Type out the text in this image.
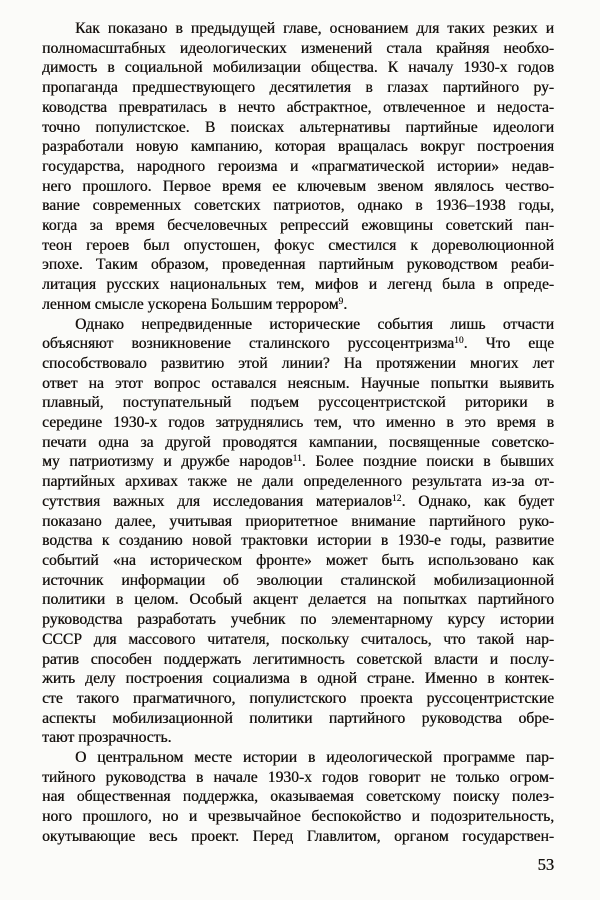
Как показано в предыдущей главе, основанием для таких резких и
полномасштабных идеологических изменений стала крайняя необхо-
димость в социальной мобилизации общества. К началу 1930-х годов
пропаганда предшествующего десятилетия в глазах партийного ру-
ководства превратилась в нечто абстрактное, отвлеченное и недоста-
точно популистское. В поисках альтернативы партийные идеологи
разработали новую кампанию, которая вращалась вокруг построения
государства, народного героизма и «прагматической истории» недав-
него прошлого. Первое время ее ключевым звеном являлось чество-
вание современных советских патриотов, однако в 1936–1938 годы,
когда за время бесчеловечных репрессий ежовщины советский пан-
теон героев был опустошен, фокус сместился к дореволюционной
эпохе. Таким образом, проведенная партийным руководством реаби-
литация русских национальных тем, мифов и легенд была в опреде-
ленном смысле ускорена Большим террором$^9$.
Однако непредвиденные исторические события лишь отчасти
объясняют возникновение сталинского руссоцентризма$^{10}$. Что еще
способствовало развитию этой линии? На протяжении многих лет
ответ на этот вопрос оставался неясным. Научные попытки выявить
плавный, поступательный подъем руссоцентристской риторики в
середине 1930-х годов затруднялись тем, что именно в это время в
печати одна за другой проводятся кампании, посвященные советско-
му патриотизму и дружбе народов$^{11}$. Более поздние поиски в бывших
партийных архивах также не дали определенного результата из-за от-
сутствия важных для исследования материалов$^{12}$. Однако, как будет
показано далее, учитывая приоритетное внимание партийного руко-
водства к созданию новой трактовки истории в 1930-е годы, развитие
событий «на историческом фронте» может быть использовано как
источник информации об эволюции сталинской мобилизационной
политики в целом. Особый акцент делается на попытках партийного
руководства разработать учебник по элементарному курсу истории
СССР для массового читателя, поскольку считалось, что такой нар-
ратив способен поддержать легитимность советской власти и послу-
жить делу построения социализма в одной стране. Именно в контек-
сте такого прагматичного, популистского проекта руссоцентристские
аспекты мобилизационной политики партийного руководства обре-
тают прозрачность.
О центральном месте истории в идеологической программе пар-
тийного руководства в начале 1930-х годов говорит не только огром-
ная общественная поддержка, оказываемая советскому поиску полез-
ного прошлого, но и чрезвычайное беспокойство и подозрительность,
окутывающие весь проект. Перед Главлитом, органом государствен-
53
